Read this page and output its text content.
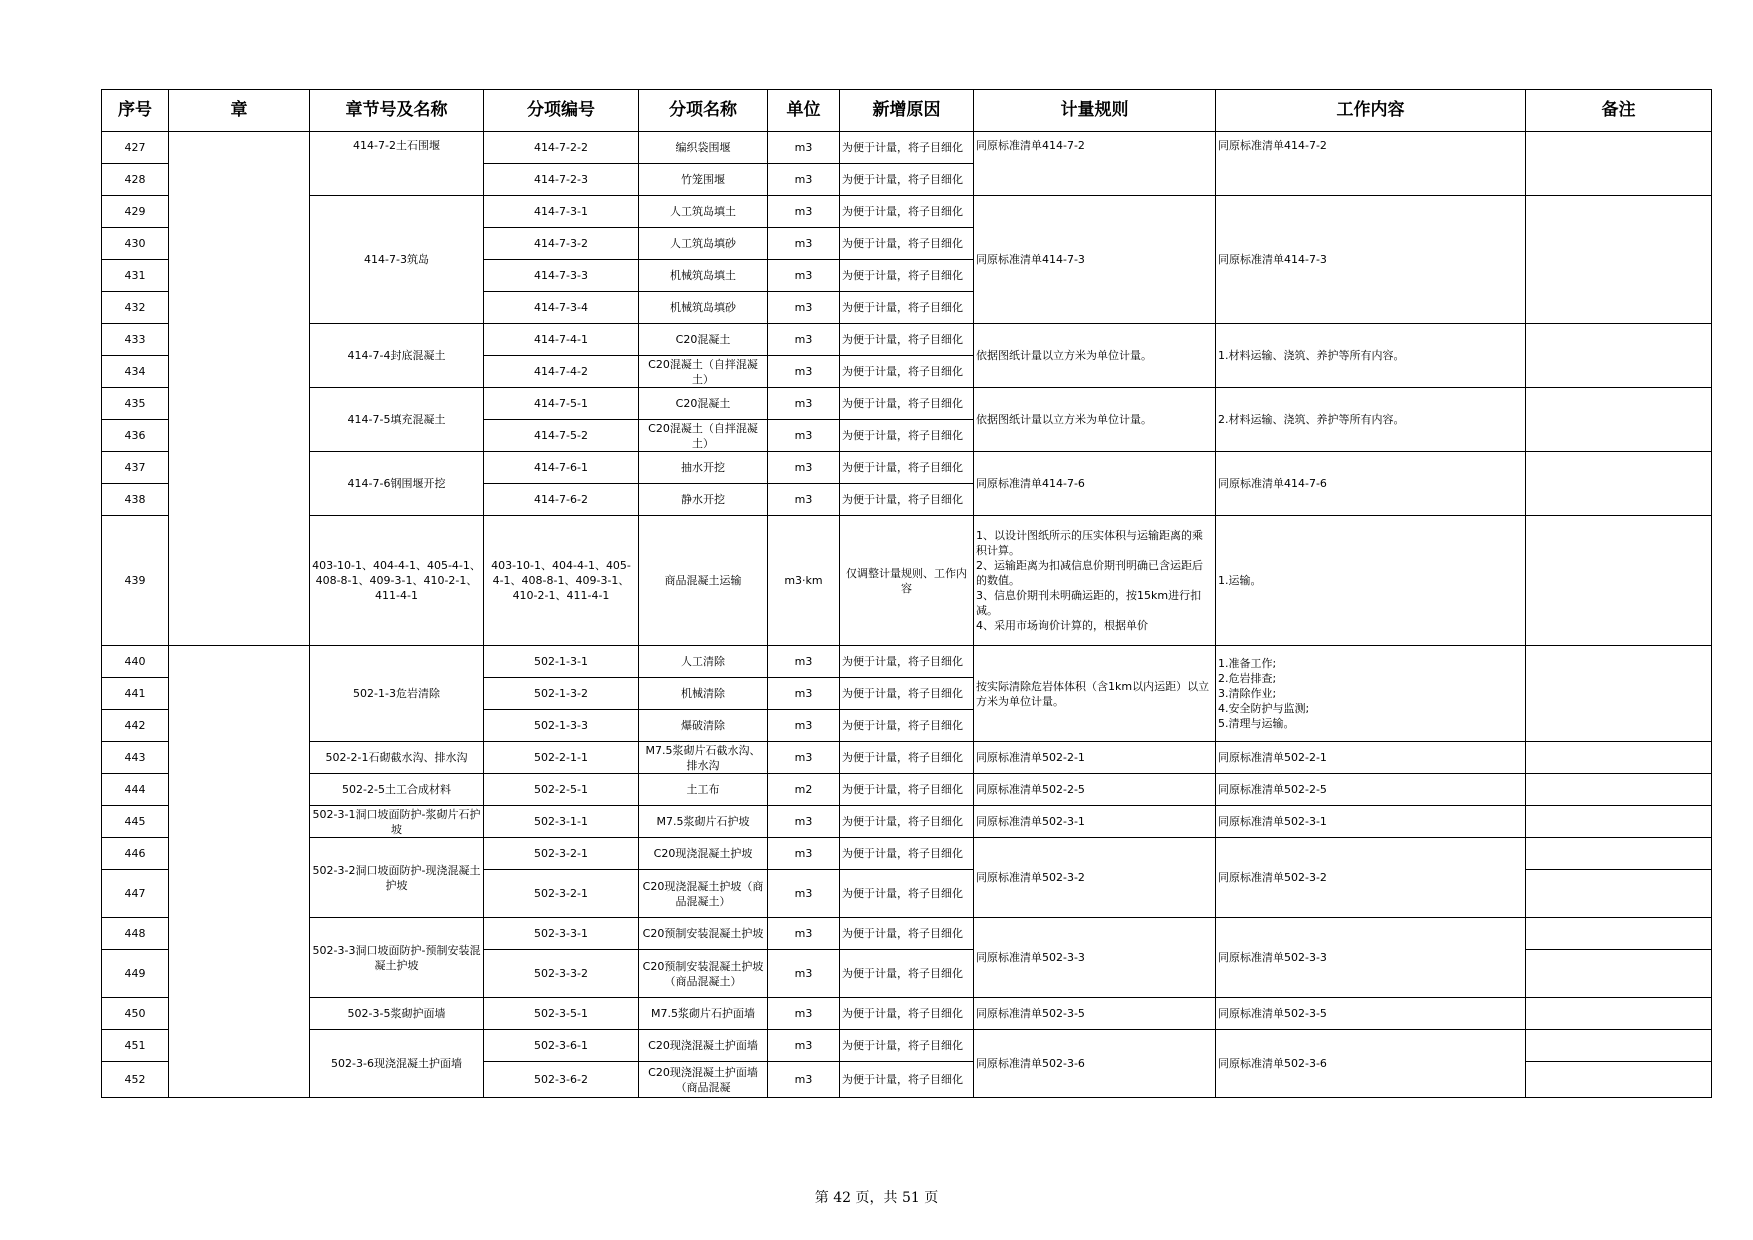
序号	章	章节号及名称	分项编号	分项名称	单位	新增原因	计量规则	工作内容	备注
427		414-7-2土石围堰	414-7-2-2	编织袋围堰	m3	为便于计量，将子目细化	同原标准清单414-7-2	同原标准清单414-7-2	
428			414-7-2-3	竹笼围堰	m3	为便于计量，将子目细化			

429		414-7-3筑岛	414-7-3-1	人工筑岛填土	m3	为便于计量，将子目细化	同原标准清单414-7-3	同原标准清单414-7-3	
430			414-7-3-2	人工筑岛填砂	m3	为便于计量，将子目细化			

431			414-7-3-3	机械筑岛填土	m3	为便于计量，将子目细化			

432			414-7-3-4	机械筑岛填砂	m3	为便于计量，将子目细化			

433		414-7-4封底混凝土	414-7-4-1	C20混凝土	m3	为便于计量，将子目细化	依据图纸计量以立方米为单位计量。	1.材料运输、浇筑、养护等所有内容。	
434			414-7-4-2	C20混凝土（自拌混凝土）	m3	为便于计量，将子目细化			

435		414-7-5填充混凝土	414-7-5-1	C20混凝土	m3	为便于计量，将子目细化	依据图纸计量以立方米为单位计量。	2.材料运输、浇筑、养护等所有内容。	
436			414-7-5-2	C20混凝土（自拌混凝土）	m3	为便于计量，将子目细化			

437		414-7-6钢围堰开挖	414-7-6-1	抽水开挖	m3	为便于计量，将子目细化	同原标准清单414-7-6	同原标准清单414-7-6	
438			414-7-6-2	静水开挖	m3	为便于计量，将子目细化			

439		403-10-1、404-4-1、405-4-1、408-8-1、409-3-1、410-2-1、411-4-1	403-10-1、404-4-1、405-4-1、408-8-1、409-3-1、410-2-1、411-4-1	商品混凝土运输	m3·km	仅调整计量规则、工作内容	1、以设计图纸所示的压实体积与运输距离的乘积计算。
2、运输距离为扣减信息价期刊明确已含运距后的数值。
3、信息价期刊未明确运距的，按15km进行扣减。
4、采用市场询价计算的，根据单价	1.运输。	
440		502-1-3危岩清除	502-1-3-1	人工清除	m3	为便于计量，将子目细化	按实际清除危岩体体积（含1km以内运距）以立方米为单位计量。	1.准备工作;
2.危岩排查;
3.清除作业;
4.安全防护与监测;
5.清理与运输。	
441			502-1-3-2	机械清除	m3	为便于计量，将子目细化			

442			502-1-3-3	爆破清除	m3	为便于计量，将子目细化			

443		502-2-1石砌截水沟、排水沟	502-2-1-1	M7.5浆砌片石截水沟、排水沟	m3	为便于计量，将子目细化	同原标准清单502-2-1	同原标准清单502-2-1	
444		502-2-5土工合成材料	502-2-5-1	土工布	m2	为便于计量，将子目细化	同原标准清单502-2-5	同原标准清单502-2-5	
445		502-3-1洞口坡面防护-浆砌片石护坡	502-3-1-1	M7.5浆砌片石护坡	m3	为便于计量，将子目细化	同原标准清单502-3-1	同原标准清单502-3-1	
446		502-3-2洞口坡面防护-现浇混凝土护坡	502-3-2-1	C20现浇混凝土护坡	m3	为便于计量，将子目细化	同原标准清单502-3-2	同原标准清单502-3-2	
447			502-3-2-1	C20现浇混凝土护坡（商品混凝土）	m3	为便于计量，将子目细化			
448		502-3-3洞口坡面防护-预制安装混凝土护坡	502-3-3-1	C20预制安装混凝土护坡	m3	为便于计量，将子目细化	同原标准清单502-3-3	同原标准清单502-3-3	
449			502-3-3-2	C20预制安装混凝土护坡（商品混凝土）	m3	为便于计量，将子目细化			
450		502-3-5浆砌护面墙	502-3-5-1	M7.5浆砌片石护面墙	m3	为便于计量，将子目细化	同原标准清单502-3-5	同原标准清单502-3-5	
451		502-3-6现浇混凝土护面墙	502-3-6-1	C20现浇混凝土护面墙	m3	为便于计量，将子目细化	同原标准清单502-3-6	同原标准清单502-3-6	
452			502-3-6-2	C20现浇混凝土护面墙（商品混凝	m3	为便于计量，将子目细化			

第 42 页，共 51 页
